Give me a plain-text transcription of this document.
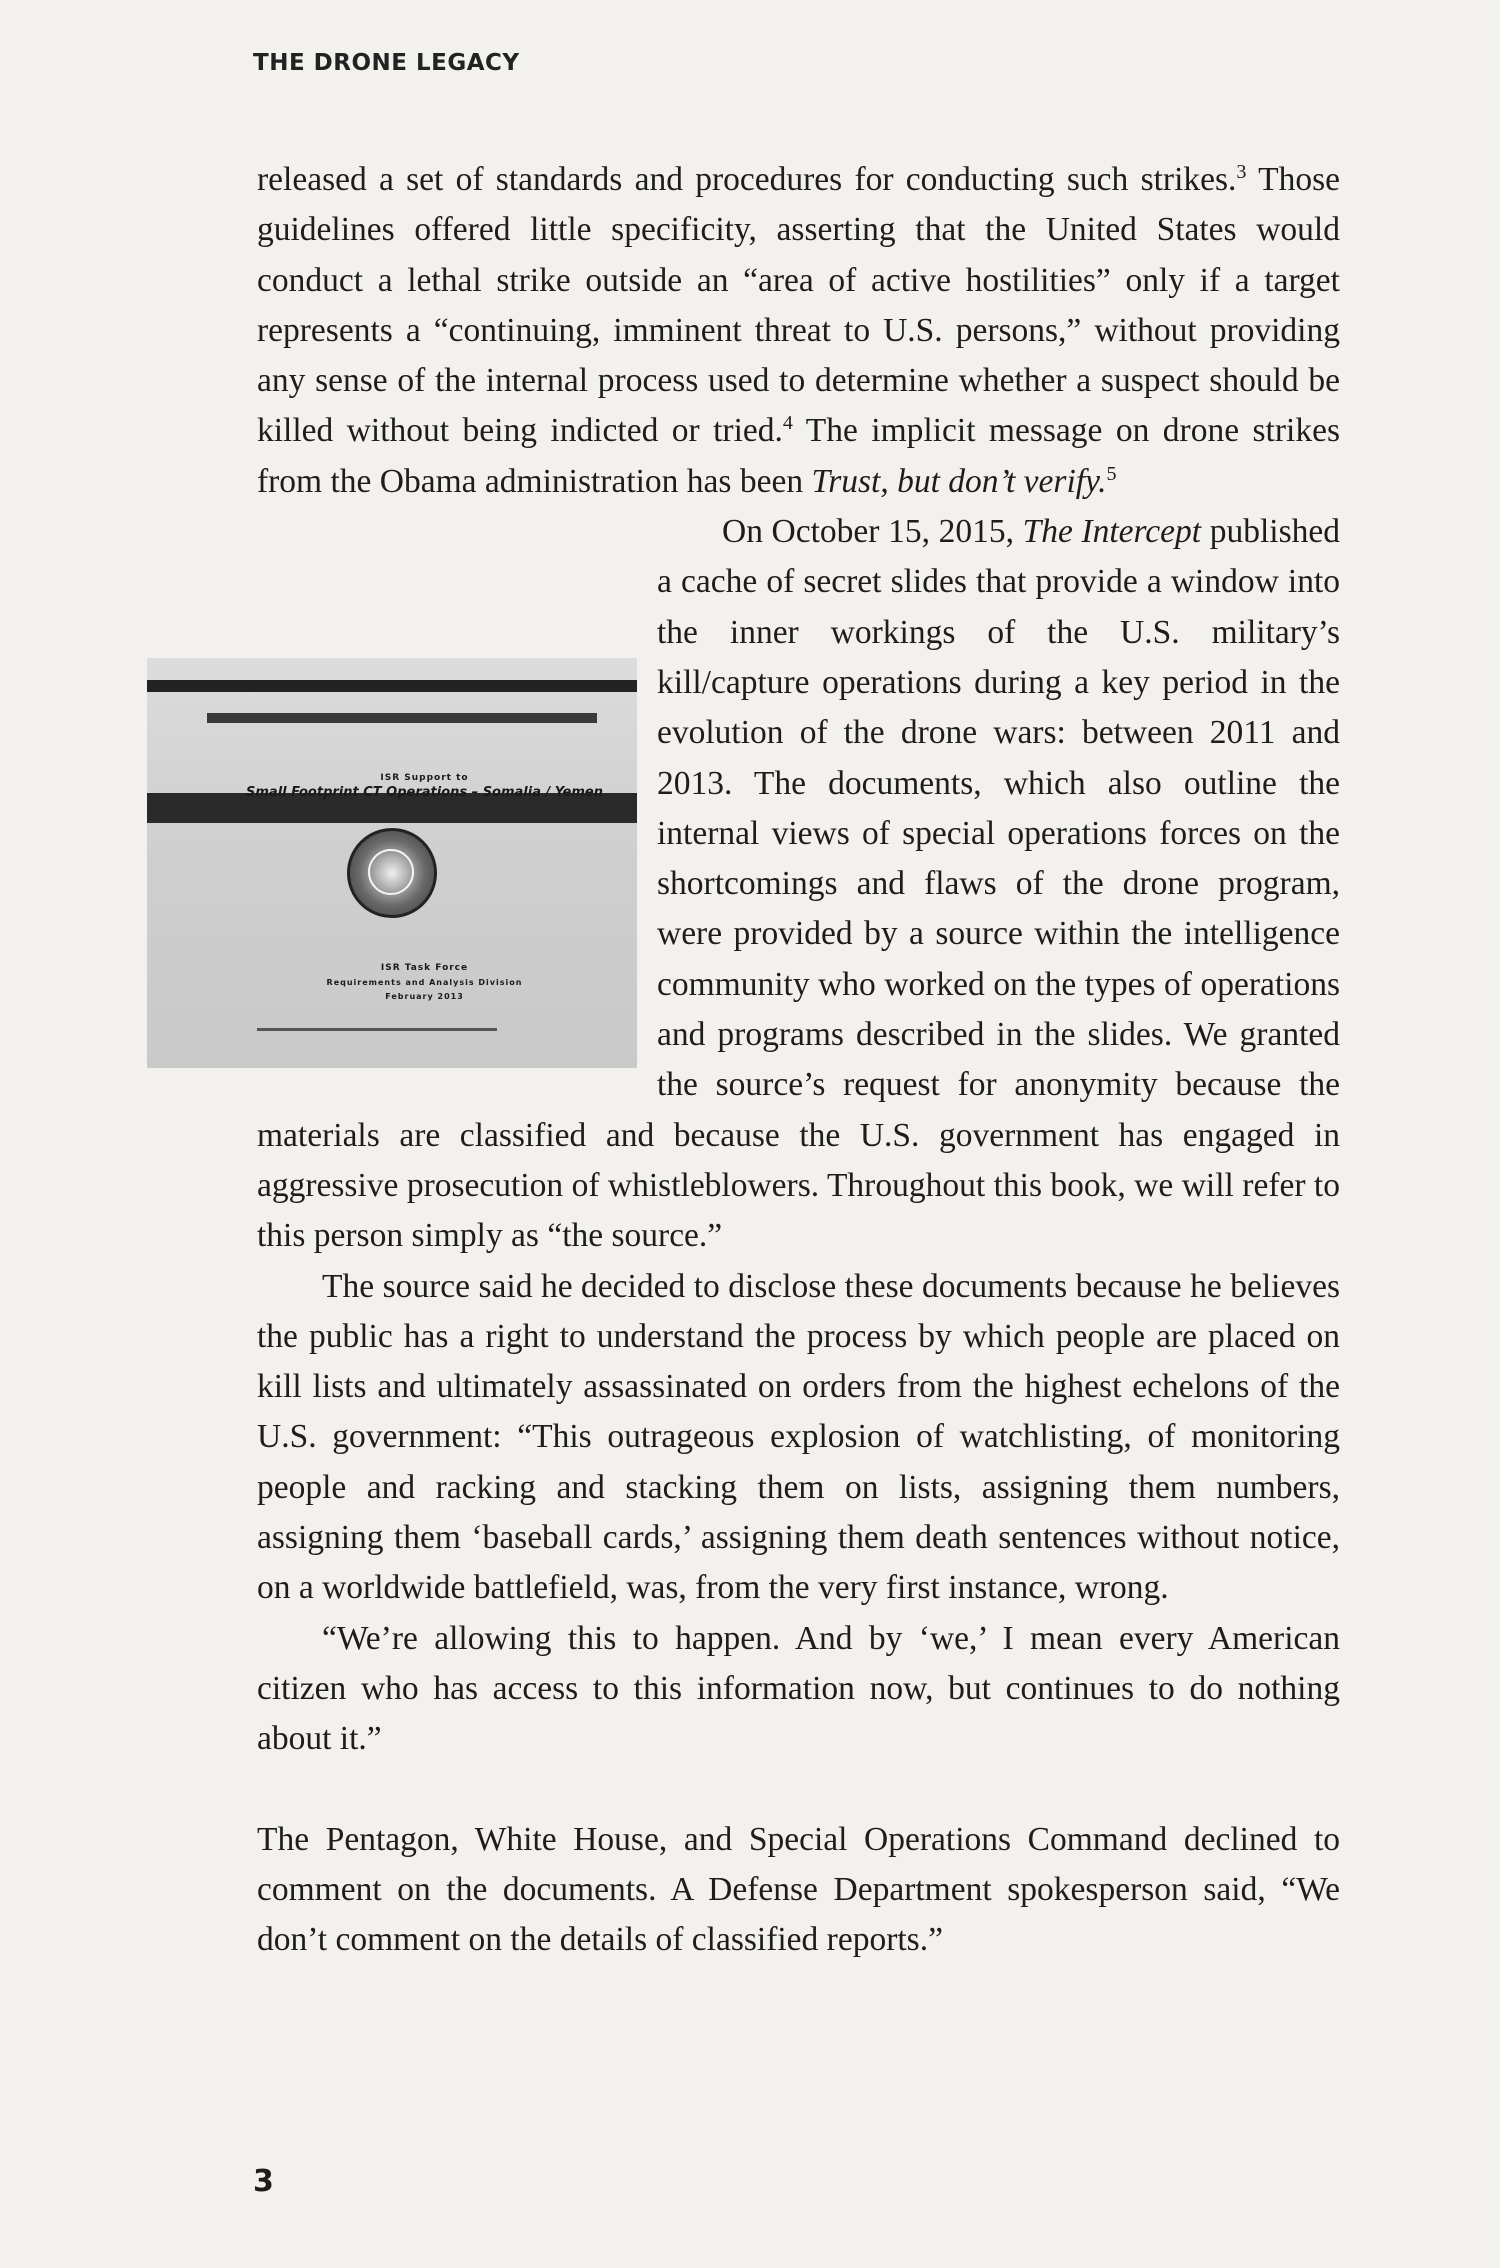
THE DRONE LEGACY

released a set of standards and procedures for conducting such strikes.$^3$ Those guidelines offered little specificity, asserting that the United States would conduct a lethal strike outside an “area of active hostilities” only if a target represents a “continuing, imminent threat to U.S. persons,” without providing any sense of the internal process used to determine whether a suspect should be killed without being indicted or tried.$^4$ The implicit message on drone strikes from the Obama administration has been Trust, but don’t verify.$^5$

ISR Support to
Small Footprint CT Operations – Somalia / Yemen
ISR Task Force
Requirements and Analysis Division
February 2013
On October 15, 2015, The Intercept published a cache of secret slides that provide a window into the inner workings of the U.S. military’s kill/capture operations during a key period in the evolution of the drone wars: between 2011 and 2013. The documents, which also outline the internal views of special operations forces on the shortcomings and flaws of the drone program, were provided by a source within the intelligence community who worked on the types of operations and programs described in the slides. We granted the source’s request for anonymity because the materials are classified and because the U.S. government has engaged in aggressive prosecution of whistleblowers. Throughout this book, we will refer to this person simply as “the source.”

The source said he decided to disclose these documents because he believes the public has a right to understand the process by which people are placed on kill lists and ultimately assassinated on orders from the highest echelons of the U.S. government: “This outrageous explosion of watchlisting, of monitoring people and racking and stacking them on lists, assigning them numbers, assigning them ‘baseball cards,’ assigning them death sentences without notice, on a worldwide battlefield, was, from the very first instance, wrong.

“We’re allowing this to happen. And by ‘we,’ I mean every American citizen who has access to this information now, but continues to do nothing about it.”

The Pentagon, White House, and Special Operations Command declined to comment on the documents. A Defense Department spokesperson said, “We don’t comment on the details of classified reports.”

3
